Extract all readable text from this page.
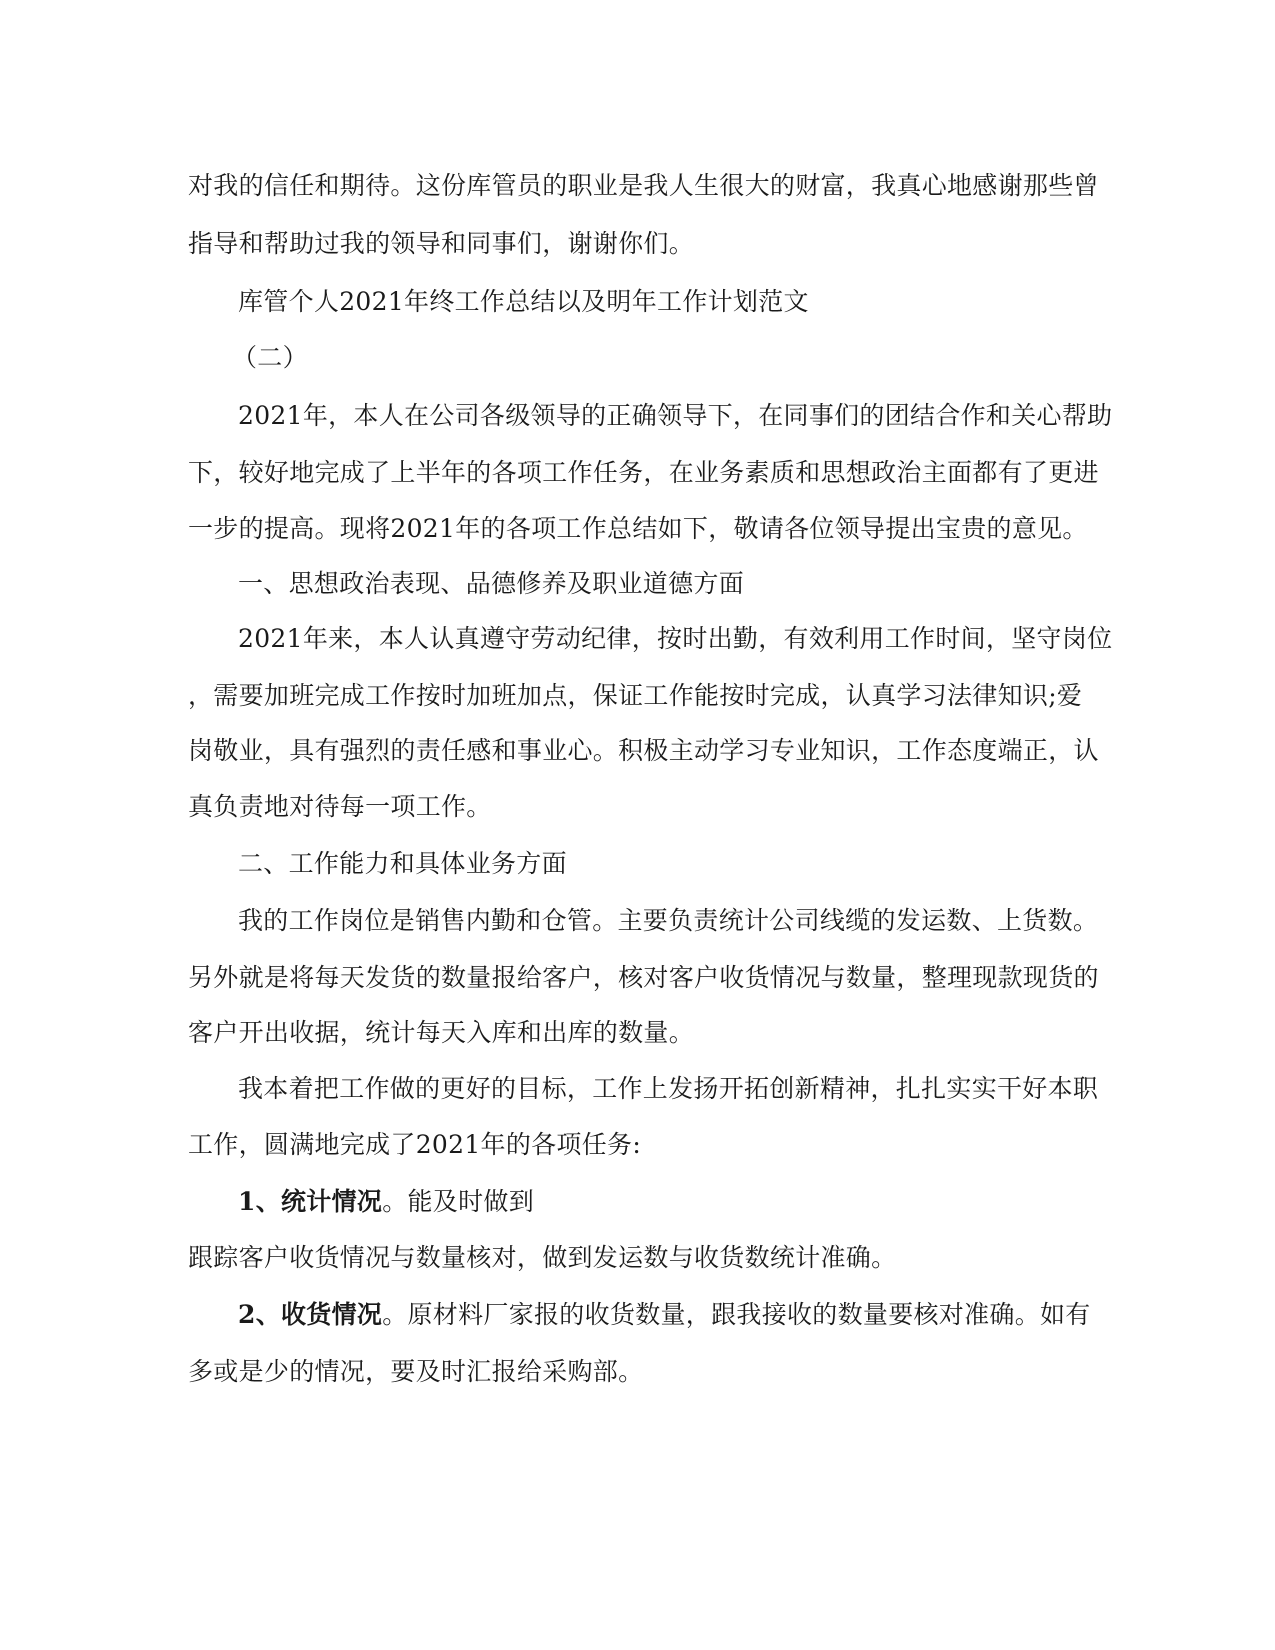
对我的信任和期待。这份库管员的职业是我人生很大的财富，我真心地感谢那些曾
指导和帮助过我的领导和同事们，谢谢你们。
库管个人2021年终工作总结以及明年工作计划范文
（二）
2021年，本人在公司各级领导的正确领导下，在同事们的团结合作和关心帮助
下，较好地完成了上半年的各项工作任务，在业务素质和思想政治主面都有了更进
一步的提高。现将2021年的各项工作总结如下，敬请各位领导提出宝贵的意见。
一、思想政治表现、品德修养及职业道德方面
2021年来，本人认真遵守劳动纪律，按时出勤，有效利用工作时间，坚守岗位
，需要加班完成工作按时加班加点，保证工作能按时完成，认真学习法律知识;爱
岗敬业，具有强烈的责任感和事业心。积极主动学习专业知识，工作态度端正，认
真负责地对待每一项工作。
二、工作能力和具体业务方面
我的工作岗位是销售内勤和仓管。主要负责统计公司线缆的发运数、上货数。
另外就是将每天发货的数量报给客户，核对客户收货情况与数量，整理现款现货的
客户开出收据，统计每天入库和出库的数量。
我本着把工作做的更好的目标，工作上发扬开拓创新精神，扎扎实实干好本职
工作，圆满地完成了2021年的各项任务:
1、统计情况。能及时做到
跟踪客户收货情况与数量核对，做到发运数与收货数统计准确。
2、收货情况。原材料厂家报的收货数量，跟我接收的数量要核对准确。如有
多或是少的情况，要及时汇报给采购部。
